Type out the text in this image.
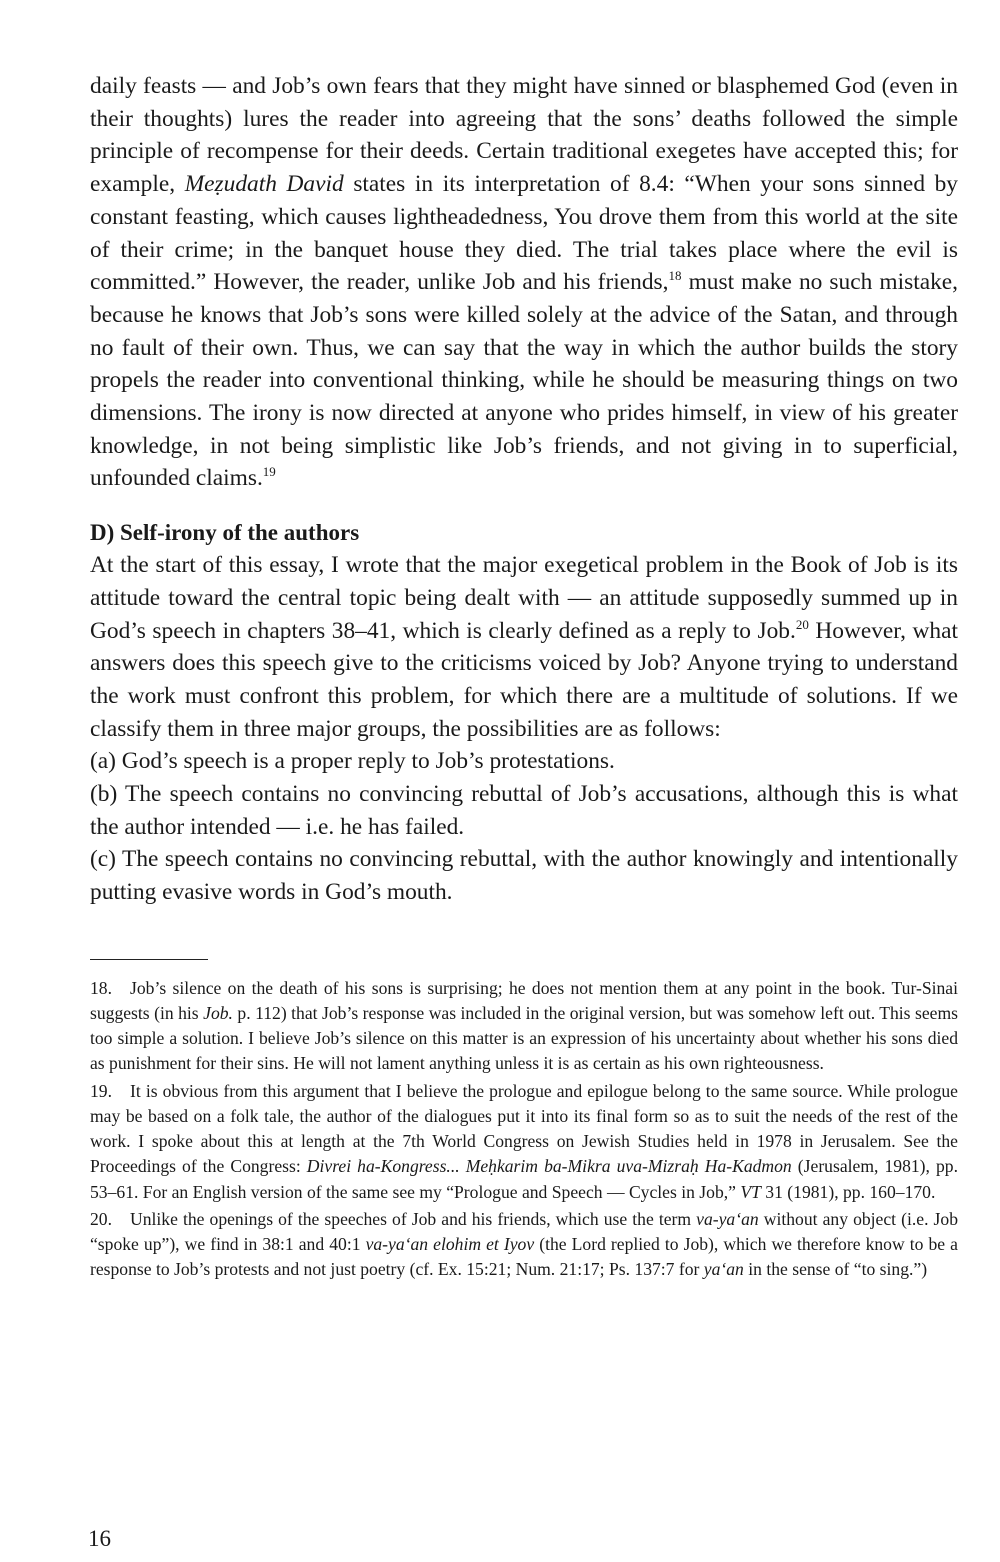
daily feasts — and Job’s own fears that they might have sinned or blasphemed God (even in their thoughts) lures the reader into agreeing that the sons’ deaths followed the simple principle of recompense for their deeds. Certain traditional exegetes have accepted this; for example, Meẓudath David states in its interpretation of 8.4: “When your sons sinned by constant feasting, which causes lightheadedness, You drove them from this world at the site of their crime; in the banquet house they died. The trial takes place where the evil is committed.” However, the reader, unlike Job and his friends,$^{18}$ must make no such mistake, because he knows that Job’s sons were killed solely at the advice of the Satan, and through no fault of their own. Thus, we can say that the way in which the author builds the story propels the reader into conventional thinking, while he should be measuring things on two dimensions. The irony is now directed at anyone who prides himself, in view of his greater knowledge, in not being simplistic like Job’s friends, and not giving in to superficial, unfounded claims.$^{19}$

D) Self-irony of the authors

At the start of this essay, I wrote that the major exegetical problem in the Book of Job is its attitude toward the central topic being dealt with — an attitude supposedly summed up in God’s speech in chapters 38–41, which is clearly defined as a reply to Job.$^{20}$ However, what answers does this speech give to the criticisms voiced by Job? Anyone trying to understand the work must confront this problem, for which there are a multitude of solutions. If we classify them in three major groups, the possibilities are as follows:

(a) God’s speech is a proper reply to Job’s protestations.

(b) The speech contains no convincing rebuttal of Job’s accusations, although this is what the author intended — i.e. he has failed.

(c) The speech contains no convincing rebuttal, with the author knowingly and intentionally putting evasive words in God’s mouth.

18. Job’s silence on the death of his sons is surprising; he does not mention them at any point in the book. Tur-Sinai suggests (in his Job. p. 112) that Job’s response was included in the original version, but was somehow left out. This seems too simple a solution. I believe Job’s silence on this matter is an expression of his uncertainty about whether his sons died as punishment for their sins. He will not lament anything unless it is as certain as his own righteousness.

19. It is obvious from this argument that I believe the prologue and epilogue belong to the same source. While prologue may be based on a folk tale, the author of the dialogues put it into its final form so as to suit the needs of the rest of the work. I spoke about this at length at the 7th World Congress on Jewish Studies held in 1978 in Jerusalem. See the Proceedings of the Congress: Divrei ha-Kongress... Meḥkarim ba-Mikra uva-Mizraḥ Ha-Kadmon (Jerusalem, 1981), pp. 53–61. For an English version of the same see my “Prologue and Speech — Cycles in Job,” VT 31 (1981), pp. 160–170.

20. Unlike the openings of the speeches of Job and his friends, which use the term va-ya‘an without any object (i.e. Job “spoke up”), we find in 38:1 and 40:1 va-ya‘an elohim et Iyov (the Lord replied to Job), which we therefore know to be a response to Job’s protests and not just poetry (cf. Ex. 15:21; Num. 21:17; Ps. 137:7 for ya‘an in the sense of “to sing.”)

16
